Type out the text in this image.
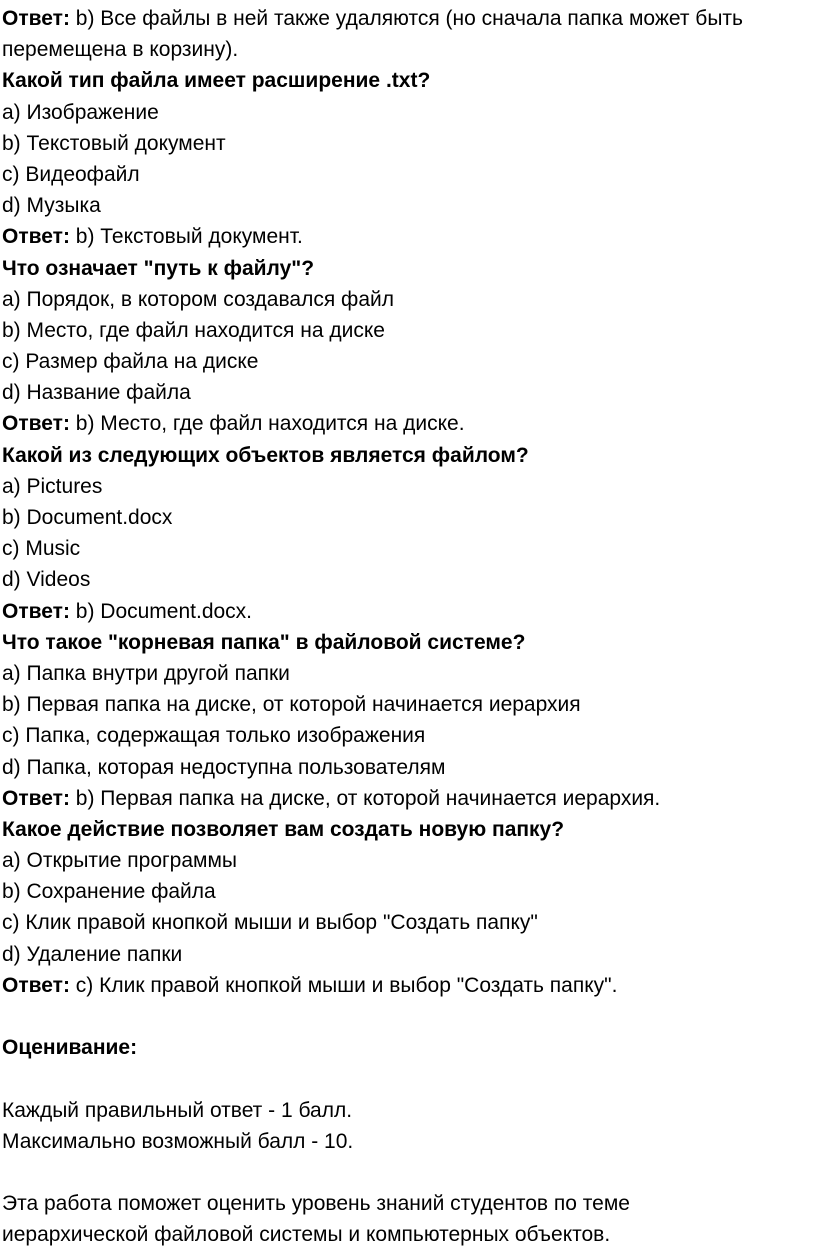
Ответ: b) Все файлы в ней также удаляются (но сначала папка может быть перемещена в корзину).
Какой тип файла имеет расширение .txt?
a) Изображение
b) Текстовый документ
c) Видеофайл
d) Музыка
Ответ: b) Текстовый документ.
Что означает "путь к файлу"?
a) Порядок, в котором создавался файл
b) Место, где файл находится на диске
c) Размер файла на диске
d) Название файла
Ответ: b) Место, где файл находится на диске.
Какой из следующих объектов является файлом?
a) Pictures
b) Document.docx
c) Music
d) Videos
Ответ: b) Document.docx.
Что такое "корневая папка" в файловой системе?
a) Папка внутри другой папки
b) Первая папка на диске, от которой начинается иерархия
c) Папка, содержащая только изображения
d) Папка, которая недоступна пользователям
Ответ: b) Первая папка на диске, от которой начинается иерархия.
Какое действие позволяет вам создать новую папку?
a) Открытие программы
b) Сохранение файла
c) Клик правой кнопкой мыши и выбор "Создать папку"
d) Удаление папки
Ответ: c) Клик правой кнопкой мыши и выбор "Создать папку".
Оценивание:
Каждый правильный ответ - 1 балл.
Максимально возможный балл - 10.
Эта работа поможет оценить уровень знаний студентов по теме иерархической файловой системы и компьютерных объектов.
